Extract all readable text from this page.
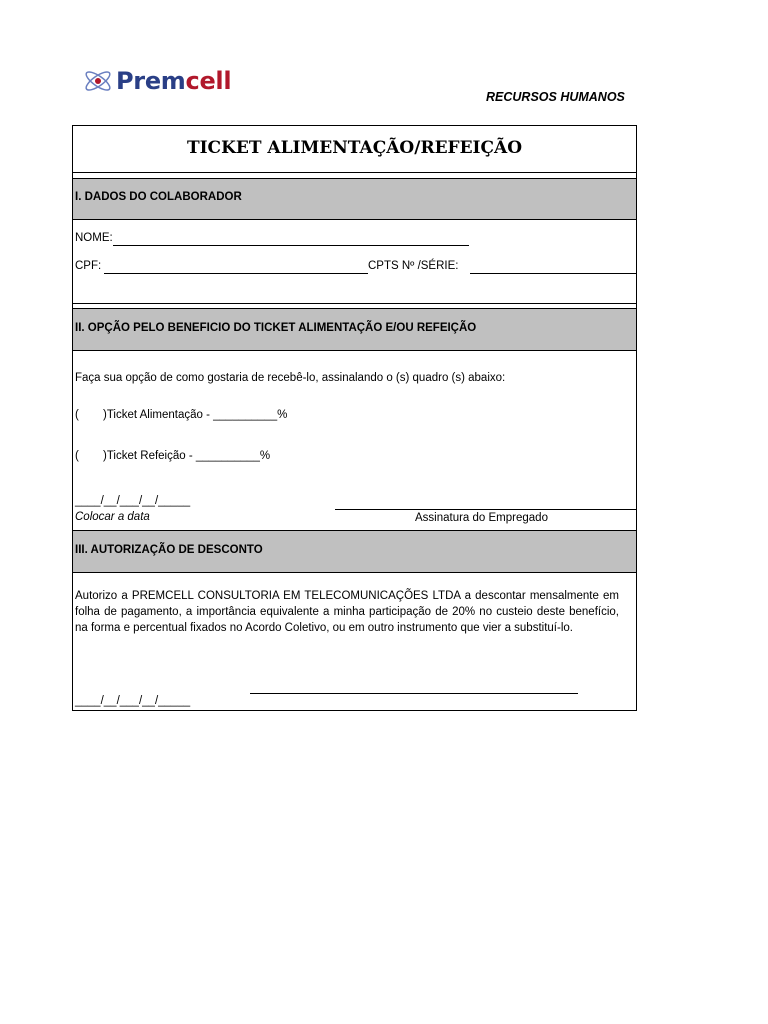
Premcell
RECURSOS HUMANOS
TICKET ALIMENTAÇÃO/REFEIÇÃO
I. DADOS DO COLABORADOR
NOME:
CPF:	CPTS Nº /SÉRIE:
II. OPÇÃO PELO BENEFICIO DO TICKET ALIMENTAÇÃO E/OU REFEIÇÃO
Faça sua opção de como gostaria de recebê-lo, assinalando o (s) quadro (s) abaixo:
( )Ticket Alimentação - __________%
( )Ticket Refeição - __________%
____/__/___/__/_____
Colocar a data	Assinatura do Empregado
III. AUTORIZAÇÃO DE DESCONTO
Autorizo a PREMCELL CONSULTORIA EM TELECOMUNICAÇÕES LTDA a descontar mensalmente em folha de pagamento, a importância equivalente a minha participação de 20% no custeio deste benefício, na forma e percentual fixados no Acordo Coletivo, ou em outro instrumento que vier a substituí-lo.
____/__/___/__/_____
